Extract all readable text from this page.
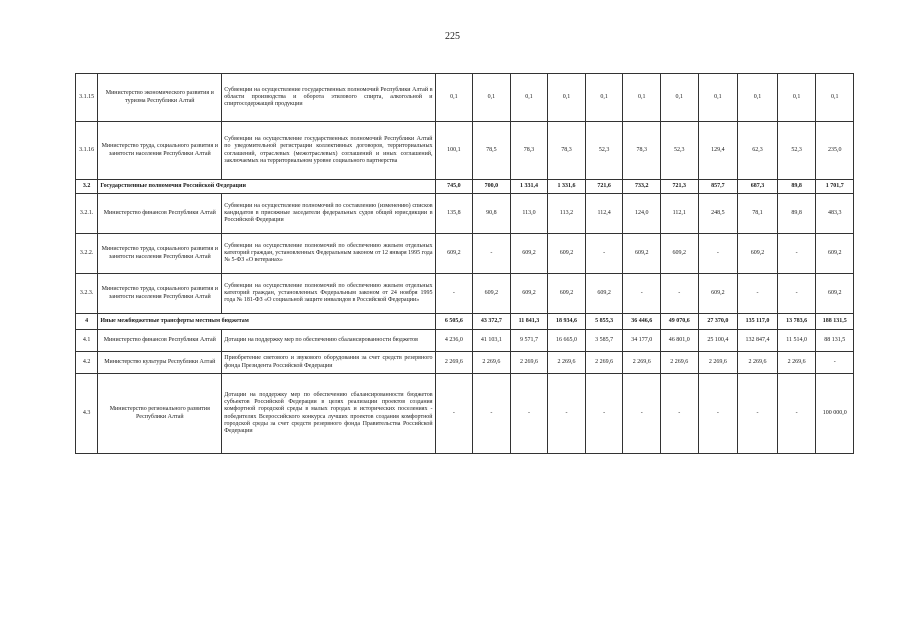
225
3.1.15	Министерство экономического развития и туризма Республики Алтай	Субвенции на осуществление государственных полномочий Республики Алтай в области производства и оборота этилового спирта, алкогольной и спиртосодержащей продукции	0,1	0,1	0,1	0,1	0,1	0,1	0,1	0,1	0,1	0,1	0,1
3.1.16	Министерство труда, социального развития и занятости населения Республики Алтай	Субвенции на осуществление государственных полномочий Республики Алтай по уведомительной регистрации коллективных договоров, территориальных соглашений, отраслевых (межотраслевых) соглашений и иных соглашений, заключаемых на территориальном уровне социального партнерства	100,1	78,5	78,3	78,3	52,3	78,3	52,3	129,4	62,3	52,3	235,0
3.2	Государственные полномочия Российской Федерации		745,0	700,0	1 331,4	1 331,6	721,6	733,2	721,3	857,7	687,3	89,8	1 701,7
3.2.1.	Министерство финансов Республики Алтай	Субвенции на осуществление полномочий по составлению (изменению) списков кандидатов в присяжные заседатели федеральных судов общей юрисдикции в Российской Федерации	135,8	90,8	113,0	113,2	112,4	124,0	112,1	248,5	78,1	89,8	483,3
3.2.2.	Министерство труда, социального развития и занятости населения Республики Алтай	Субвенции на осуществление полномочий по обеспечению жильем отдельных категорий граждан, установленных Федеральным законом от 12 января 1995 года № 5-ФЗ «О ветеранах»	609,2	-	609,2	609,2	-	609,2	609,2	-	609,2	-	609,2
3.2.3.	Министерство труда, социального развития и занятости населения Республики Алтай	Субвенции на осуществление полномочий по обеспечению жильем отдельных категорий граждан, установленных Федеральным законом от 24 ноября 1995 года № 181-ФЗ «О социальной защите инвалидов в Российской Федерации»	-	609,2	609,2	609,2	609,2	-	-	609,2	-	-	609,2
4	Иные межбюджетные трансферты местным бюджетам		6 505,6	43 372,7	11 841,3	18 934,6	5 855,3	36 446,6	49 070,6	27 370,0	135 117,0	13 783,6	188 131,5
4.1	Министерство финансов Республики Алтай	Дотации на поддержку мер по обеспечению сбалансированности бюджетов	4 236,0	41 103,1	9 571,7	16 665,0	3 585,7	34 177,0	46 801,0	25 100,4	132 847,4	11 514,0	88 131,5
4.2	Министерство культуры Республики Алтай	Приобретение светового и звукового оборудования за счет средств резервного фонда Президента Российской Федерации	2 269,6	2 269,6	2 269,6	2 269,6	2 269,6	2 269,6	2 269,6	2 269,6	2 269,6	2 269,6	-
4.3	Министерство регионального развития Республики Алтай	Дотации на поддержку мер по обеспечению сбалансированности бюджетов субъектов Российской Федерации в целях реализации проектов создания комфортной городской среды в малых городах и исторических поселениях - победителях Всероссийского конкурса лучших проектов создания комфортной городской среды за счет средств резервного фонда Правительства Российской Федерации	-	-	-	-	-	-	-	-	-	-	100 000,0
